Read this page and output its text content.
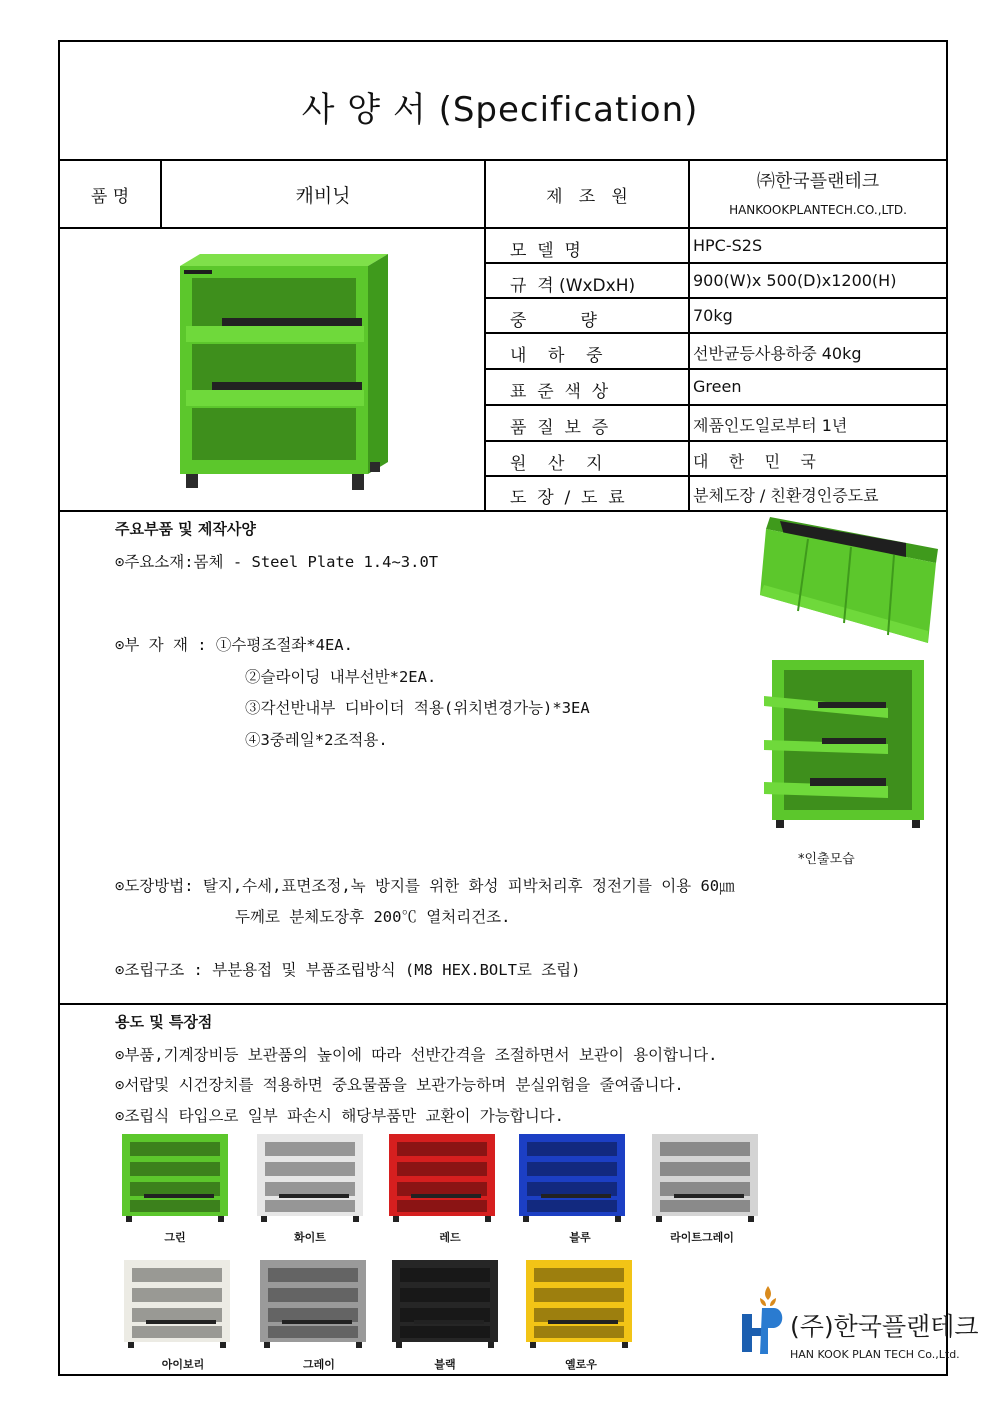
사 양 서 (Specification)
품 명	캐비닛	제   조   원
㈜한국플랜테크
HANKOOKPLANTECH.CO.,LTD.
모  델  명	HPC-S2S
규  격 (WxDxH)	900(W)x 500(D)x1200(H)
중          량	70kg
내    하    중	선반균등사용하중 40kg
표  준  색  상	Green
품  질  보  증	제품인도일로부터 1년
원    산    지	대    한    민    국
도  장  /  도  료	분체도장 / 친환경인증도료
주요부품 및 제작사양
⊙주요소재:몸체 - Steel Plate 1.4~3.0T
⊙부 자 재 : ①수평조절좌*4EA.
②슬라이딩 내부선반*2EA.
③각선반내부 디바이더 적용(위치변경가능)*3EA
④3중레일*2조적용.
*인출모습
⊙도장방법: 탈지,수세,표면조정,녹 방지를 위한 화성 피박처리후 정전기를 이용 60㎛
두께로 분체도장후 200℃ 열처리건조.
⊙조립구조 : 부분용접 및 부품조립방식 (M8 HEX.BOLT로 조립)
용도 및 특장점
⊙부품,기계장비등 보관품의 높이에 따라 선반간격을 조절하면서 보관이 용이합니다.
⊙서랍및 시건장치를 적용하면 중요물품을 보관가능하며 분실위험을 줄여줍니다.
⊙조립식 타입으로 일부 파손시 해당부품만 교환이 가능합니다.
그린	화이트	레드	블루	라이트그레이
아이보리	그레이	블랙	옐로우
(주)한국플랜테크
HAN KOOK PLAN TECH Co.,Ltd.
